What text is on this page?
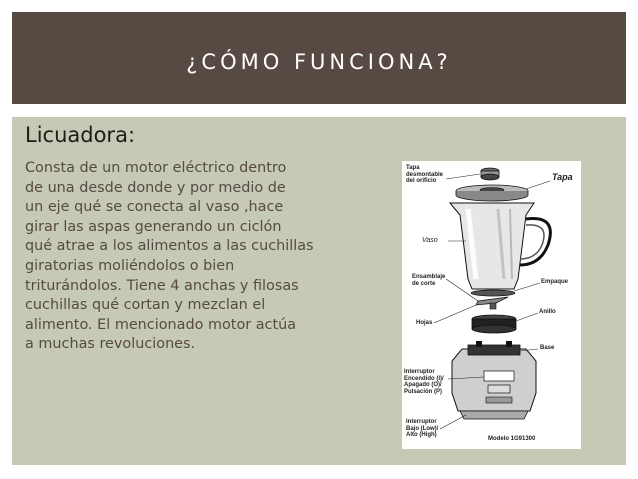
¿CÓMO FUNCIONA?
Licuadora:
Consta de un motor eléctrico dentro
de una desde donde y por medio de
un eje qué se conecta al vaso ,hace
girar las aspas generando un ciclón
qué atrae a los alimentos a las cuchillas
giratorias moliéndolos o bien
triturándolos. Tiene 4 anchas y filosas
cuchillas qué cortan y mezclan el
alimento. El mencionado motor actúa
a muchas revoluciones.
Tapa
desmontable
del orificio	Tapa
Vaso
Empaque
Ensamblaje
de corte
Anillo
Hojas
Base
Interruptor
Encendido (I)/
Apagado (O)/
Pulsación (P)
Interruptor
Bajo (Low)/
Alto (High)
Modelo 1G91300
